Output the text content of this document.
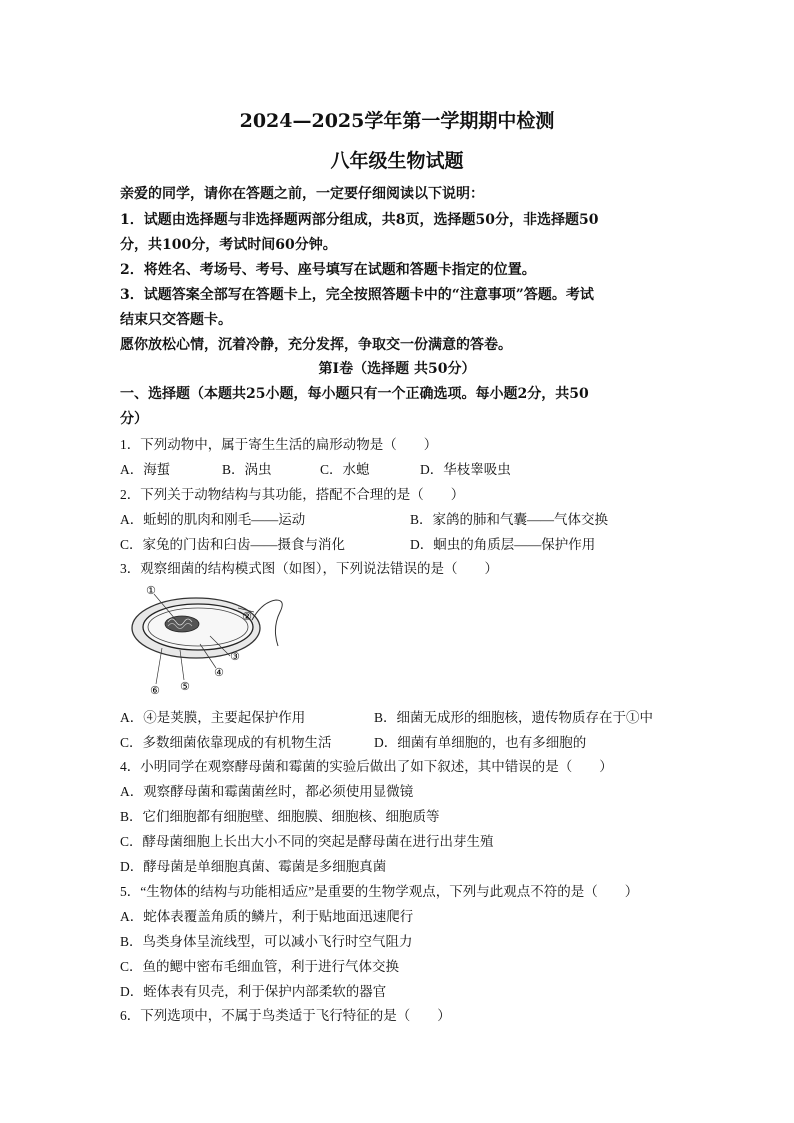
2024—2025学年第一学期期中检测
八年级生物试题
亲爱的同学，请你在答题之前，一定要仔细阅读以下说明：
1．试题由选择题与非选择题两部分组成，共8页，选择题50分，非选择题50
分，共100分，考试时间60分钟。
2．将姓名、考场号、考号、座号填写在试题和答题卡指定的位置。
3．试题答案全部写在答题卡上，完全按照答题卡中的“注意事项”答题。考试
结束只交答题卡。
愿你放松心情，沉着冷静，充分发挥，争取交一份满意的答卷。
第Ⅰ卷（选择题 共50分）
一、选择题（本题共25小题，每小题只有一个正确选项。每小题2分，共50
分）
1．下列动物中，属于寄生生活的扁形动物是（　　）
A．海蜇	B．涡虫	C．水螅	D．华枝睾吸虫
2．下列关于动物结构与其功能，搭配不合理的是（　　）
A．蚯蚓的肌肉和刚毛——运动	B．家鸽的肺和气囊——气体交换
C．家兔的门齿和臼齿——摄食与消化	D．蛔虫的角质层——保护作用
3．观察细菌的结构模式图（如图），下列说法错误的是（　　）
①
②
③
④
⑤
⑥
A．④是荚膜，主要起保护作用	B．细菌无成形的细胞核，遗传物质存在于①中
C．多数细菌依靠现成的有机物生活	D．细菌有单细胞的，也有多细胞的
4．小明同学在观察酵母菌和霉菌的实验后做出了如下叙述，其中错误的是（　　）
A．观察酵母菌和霉菌菌丝时，都必须使用显微镜
B．它们细胞都有细胞壁、细胞膜、细胞核、细胞质等
C．酵母菌细胞上长出大小不同的突起是酵母菌在进行出芽生殖
D．酵母菌是单细胞真菌、霉菌是多细胞真菌
5．“生物体的结构与功能相适应”是重要的生物学观点，下列与此观点不符的是（　　）
A．蛇体表覆盖角质的鳞片，利于贴地面迅速爬行
B．鸟类身体呈流线型，可以减小飞行时空气阻力
C．鱼的鳃中密布毛细血管，利于进行气体交换
D．蛭体表有贝壳，利于保护内部柔软的器官
6．下列选项中，不属于鸟类适于飞行特征的是（　　）
